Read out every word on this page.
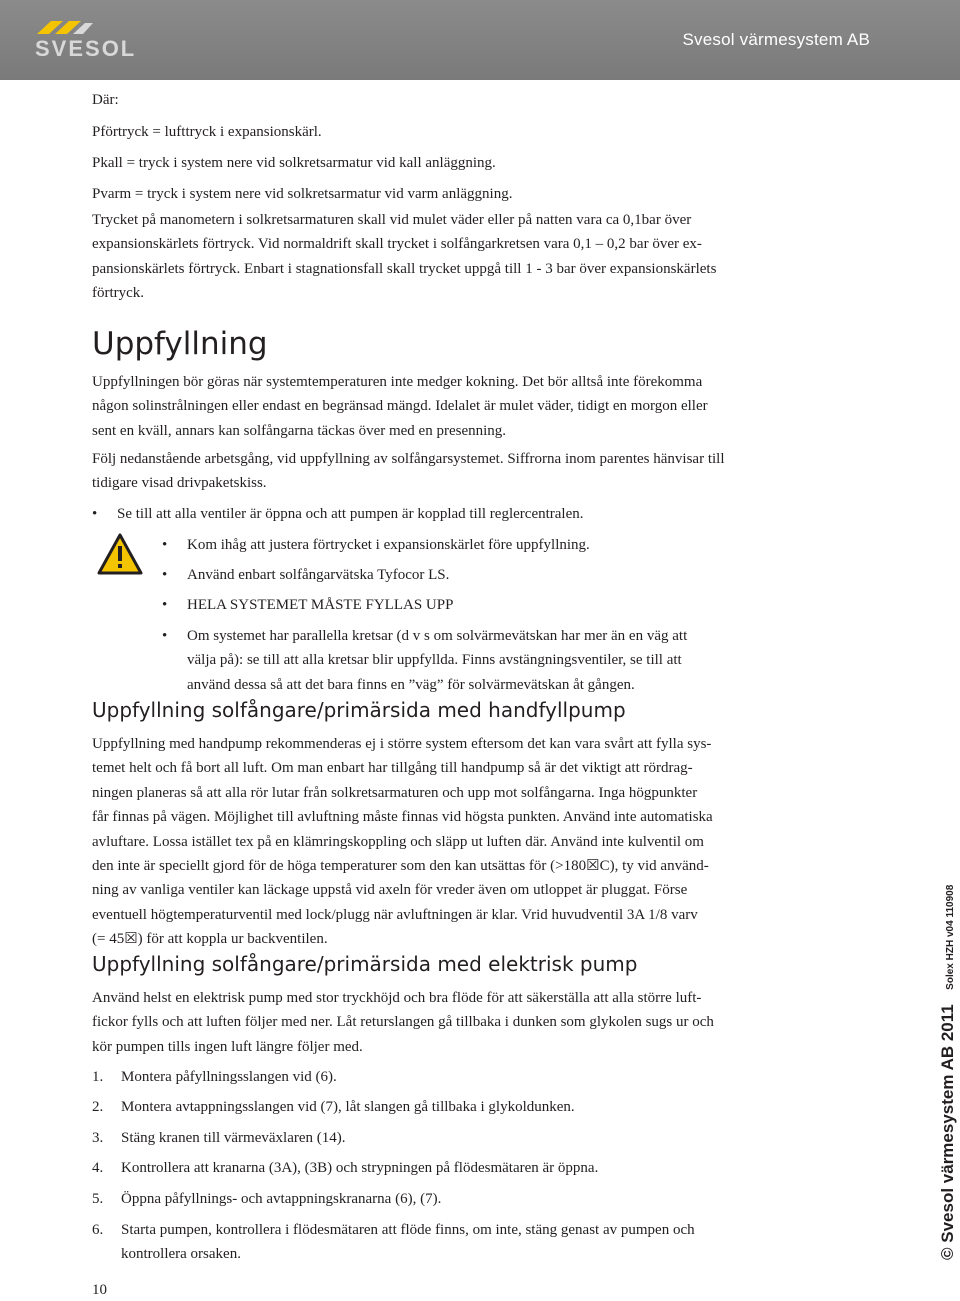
SVESOL	Svesol värmesystem AB

Där:

Pförtryck = lufttryck i expansionskärl.

Pkall = tryck i system nere vid solkretsarmatur vid kall anläggning.

Pvarm = tryck i system nere vid solkretsarmatur vid varm anläggning.

Trycket på manometern i solkretsarmaturen skall vid mulet väder eller på natten vara ca 0,1bar över
expansionskärlets förtryck. Vid normaldrift skall trycket i solfångarkretsen vara 0,1 – 0,2 bar över ex-
pansionskärlets förtryck. Enbart i stagnationsfall skall trycket uppgå till 1 - 3 bar över expansionskärlets
förtryck.

Uppfyllning

Uppfyllningen bör göras när systemtemperaturen inte medger kokning. Det bör alltså inte förekomma
någon solinstrålningen eller endast en begränsad mängd. Idelalet är mulet väder, tidigt en morgon eller
sent en kväll, annars kan solfångarna täckas över med en presenning.

Följ nedanstående arbetsgång, vid uppfyllning av solfångarsystemet. Siffrorna inom parentes hänvisar till
tidigare visad drivpaketskiss.

• Se till att alla ventiler är öppna och att pumpen är kopplad till reglercentralen.
• Kom ihåg att justera förtrycket i expansionskärlet före uppfyllning.
• Använd enbart solfångarvätska Tyfocor LS.
• HELA SYSTEMET MÅSTE FYLLAS UPP
• Om systemet har parallella kretsar (d v s om solvärmevätskan har mer än en väg att
välja på): se till att alla kretsar blir uppfyllda. Finns avstängningsventiler, se till att
använd dessa så att det bara finns en ”väg” för solvärmevätskan åt gången.
Uppfyllning solfångare/primärsida med handfyllpump

Uppfyllning med handpump rekommenderas ej i större system eftersom det kan vara svårt att fylla sys-
temet helt och få bort all luft. Om man enbart har tillgång till handpump så är det viktigt att rördrag-
ningen planeras så att alla rör lutar från solkretsarmaturen och upp mot solfångarna. Inga högpunkter
får finnas på vägen. Möjlighet till avluftning måste finnas vid högsta punkten. Använd inte automatiska
avluftare. Lossa istället tex på en klämringskoppling och släpp ut luften där. Använd inte kulventil om
den inte är speciellt gjord för de höga temperaturer som den kan utsättas för (>180☒C), ty vid använd-
ning av vanliga ventiler kan läckage uppstå vid axeln för vreder även om utloppet är pluggat. Förse
eventuell högtemperaturventil med lock/plugg när avluftningen är klar. Vrid huvudventil 3A 1/8 varv
(= 45☒) för att koppla ur backventilen.

Uppfyllning solfångare/primärsida med elektrisk pump

Använd helst en elektrisk pump med stor tryckhöjd och bra flöde för att säkerställa att alla större luft-
fickor fylls och att luften följer med ner. Låt returslangen gå tillbaka i dunken som glykolen sugs ur och
kör pumpen tills ingen luft längre följer med.

1. Montera påfyllningsslangen vid (6).
2. Montera avtappningsslangen vid (7), låt slangen gå tillbaka i glykoldunken.
3. Stäng kranen till värmeväxlaren (14).
4. Kontrollera att kranarna (3A), (3B) och strypningen på flödesmätaren är öppna.
5. Öppna påfyllnings- och avtappningskranarna (6), (7).
6. Starta pumpen, kontrollera i flödesmätaren att flöde finns, om inte, stäng genast av pumpen och
kontrollera orsaken.
10
© Svesol värmesystem AB 2011 Solex HZH v04 110908
